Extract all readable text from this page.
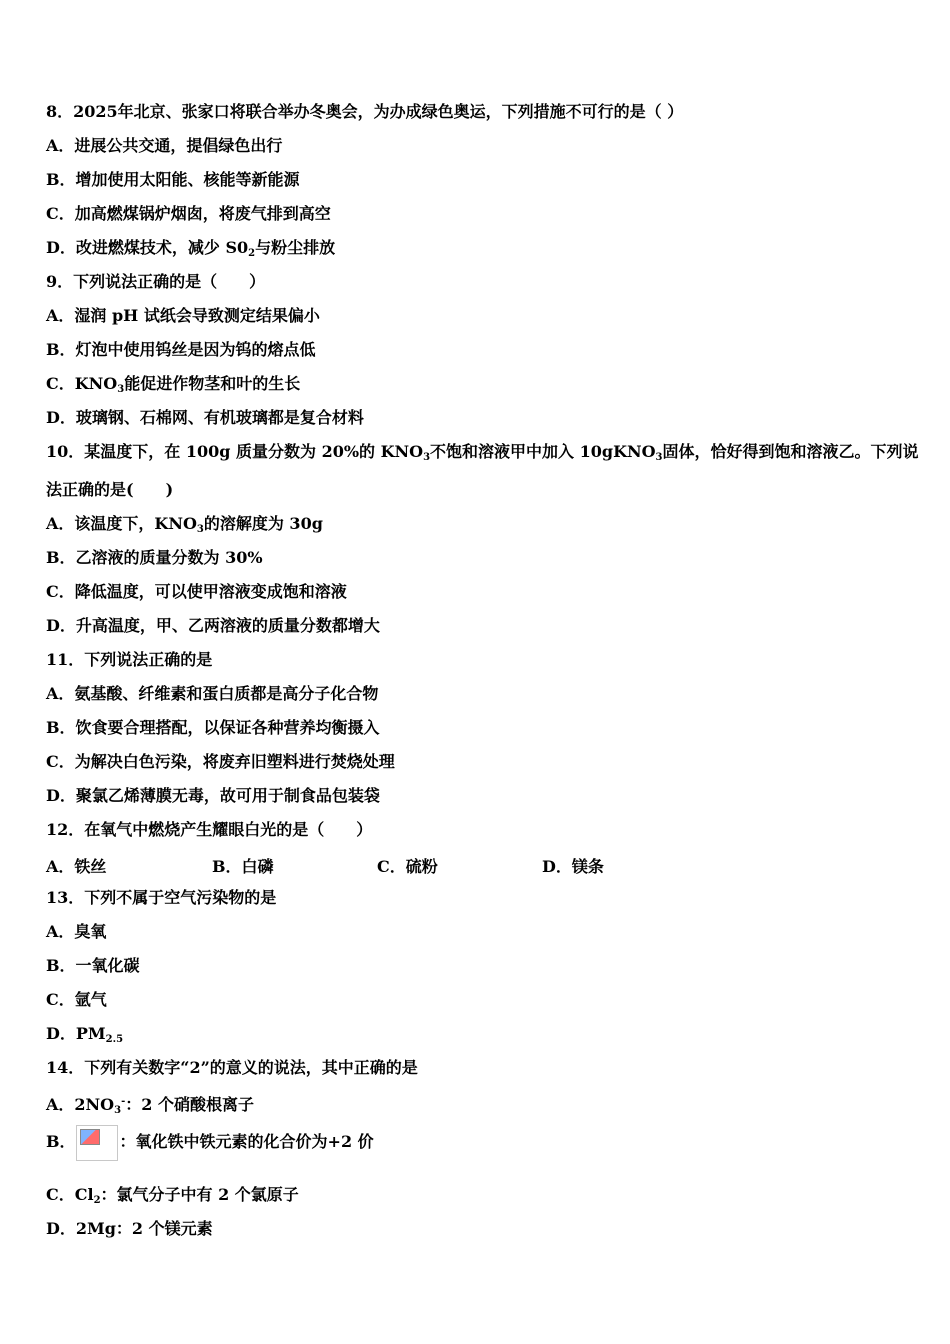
8．2025年北京、张家口将联合举办冬奥会，为办成绿色奥运，下列措施不可行的是（ ）
A．进展公共交通，提倡绿色出行
B．增加使用太阳能、核能等新能源
C．加高燃煤锅炉烟囱，将废气排到高空
D．改进燃煤技术，减少 $S0_2$与粉尘排放
9．下列说法正确的是（　　）
A．湿润 pH 试纸会导致测定结果偏小
B．灯泡中使用钨丝是因为钨的熔点低
C．$KNO_3$能促进作物茎和叶的生长
D．玻璃钢、石棉网、有机玻璃都是复合材料
10．某温度下，在 100g 质量分数为 20%的 $KNO_3$不饱和溶液甲中加入 10gKNO$_3$固体，恰好得到饱和溶液乙。下列说
法正确的是(　　)
A．该温度下，$KNO_3$的溶解度为 30g
B．乙溶液的质量分数为 30%
C．降低温度，可以使甲溶液变成饱和溶液
D．升高温度，甲、乙两溶液的质量分数都增大
11．下列说法正确的是
A．氨基酸、纤维素和蛋白质都是高分子化合物
B．饮食要合理搭配，以保证各种营养均衡摄入
C．为解决白色污染，将废弃旧塑料进行焚烧处理
D．聚氯乙烯薄膜无毒，故可用于制食品包装袋
12．在氧气中燃烧产生耀眼白光的是（　　）
A．铁丝	B．白磷	C．硫粉	D．镁条
13．下列不属于空气污染物的是
A．臭氧
B．一氧化碳
C．氩气
D．$PM_{2.5}$
14．下列有关数字“2”的意义的说法，其中正确的是
A．$2NO_3^-$：2 个硝酸根离子
B．	：氧化铁中铁元素的化合价为+2 价
C．$Cl_2$：氯气分子中有 2 个氯原子
D．2Mg：2 个镁元素
